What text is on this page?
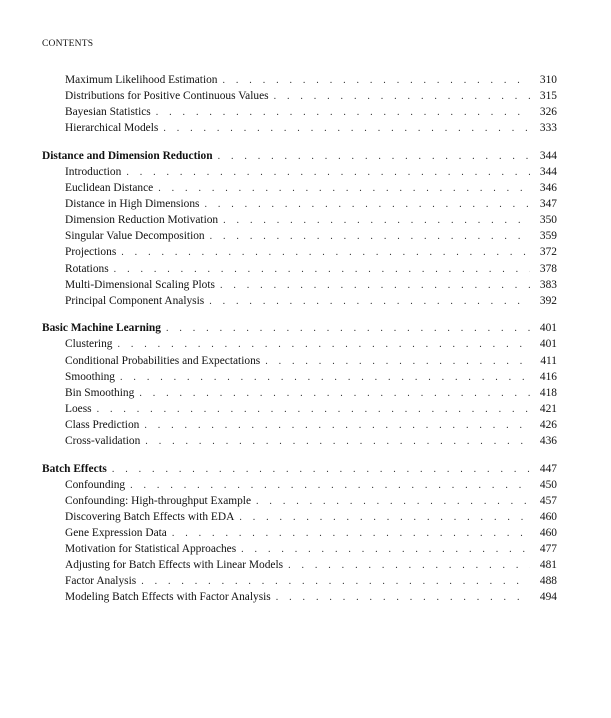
CONTENTS
Maximum Likelihood Estimation . . .	310
Distributions for Positive Continuous Values . . .	315
Bayesian Statistics . . .	326
Hierarchical Models . . .	333
Distance and Dimension Reduction . . .	344
Introduction . . .	344
Euclidean Distance . . .	346
Distance in High Dimensions . . .	347
Dimension Reduction Motivation . . .	350
Singular Value Decomposition . . .	359
Projections . . .	372
Rotations . . .	378
Multi-Dimensional Scaling Plots . . .	383
Principal Component Analysis . . .	392
Basic Machine Learning . . .	401
Clustering . . .	401
Conditional Probabilities and Expectations . . .	411
Smoothing . . .	416
Bin Smoothing . . .	418
Loess . . .	421
Class Prediction . . .	426
Cross-validation . . .	436
Batch Effects . . .	447
Confounding . . .	450
Confounding: High-throughput Example . . .	457
Discovering Batch Effects with EDA . . .	460
Gene Expression Data . . .	460
Motivation for Statistical Approaches . . .	477
Adjusting for Batch Effects with Linear Models . . .	481
Factor Analysis . . .	488
Modeling Batch Effects with Factor Analysis . . .	494
